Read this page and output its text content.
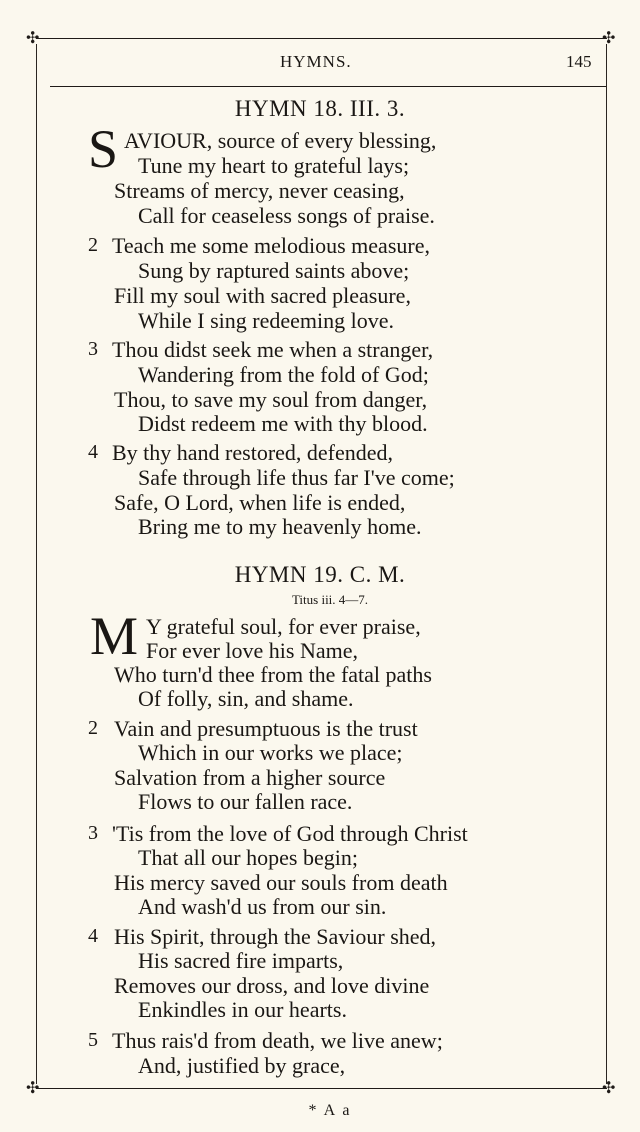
✣	✣
HYMNS.	145
HYMN 18. III. 3.
S AVIOUR, source of every blessing,
Tune my heart to grateful lays;
Streams of mercy, never ceasing,
Call for ceaseless songs of praise.
2 Teach me some melodious measure,
Sung by raptured saints above;
Fill my soul with sacred pleasure,
While I sing redeeming love.
3 Thou didst seek me when a stranger,
Wandering from the fold of God;
Thou, to save my soul from danger,
Didst redeem me with thy blood.
4 By thy hand restored, defended,
Safe through life thus far I've come;
Safe, O Lord, when life is ended,
Bring me to my heavenly home.
HYMN 19. C. M.
Titus iii. 4—7.
M Y grateful soul, for ever praise,
For ever love his Name,
Who turn'd thee from the fatal paths
Of folly, sin, and shame.
2 Vain and presumptuous is the trust
Which in our works we place;
Salvation from a higher source
Flows to our fallen race.
3 'Tis from the love of God through Christ
That all our hopes begin;
His mercy saved our souls from death
And wash'd us from our sin.
4 His Spirit, through the Saviour shed,
His sacred fire imparts,
Removes our dross, and love divine
Enkindles in our hearts.
5 Thus rais'd from death, we live anew;
And, justified by grace,
✣	✣
* A a
